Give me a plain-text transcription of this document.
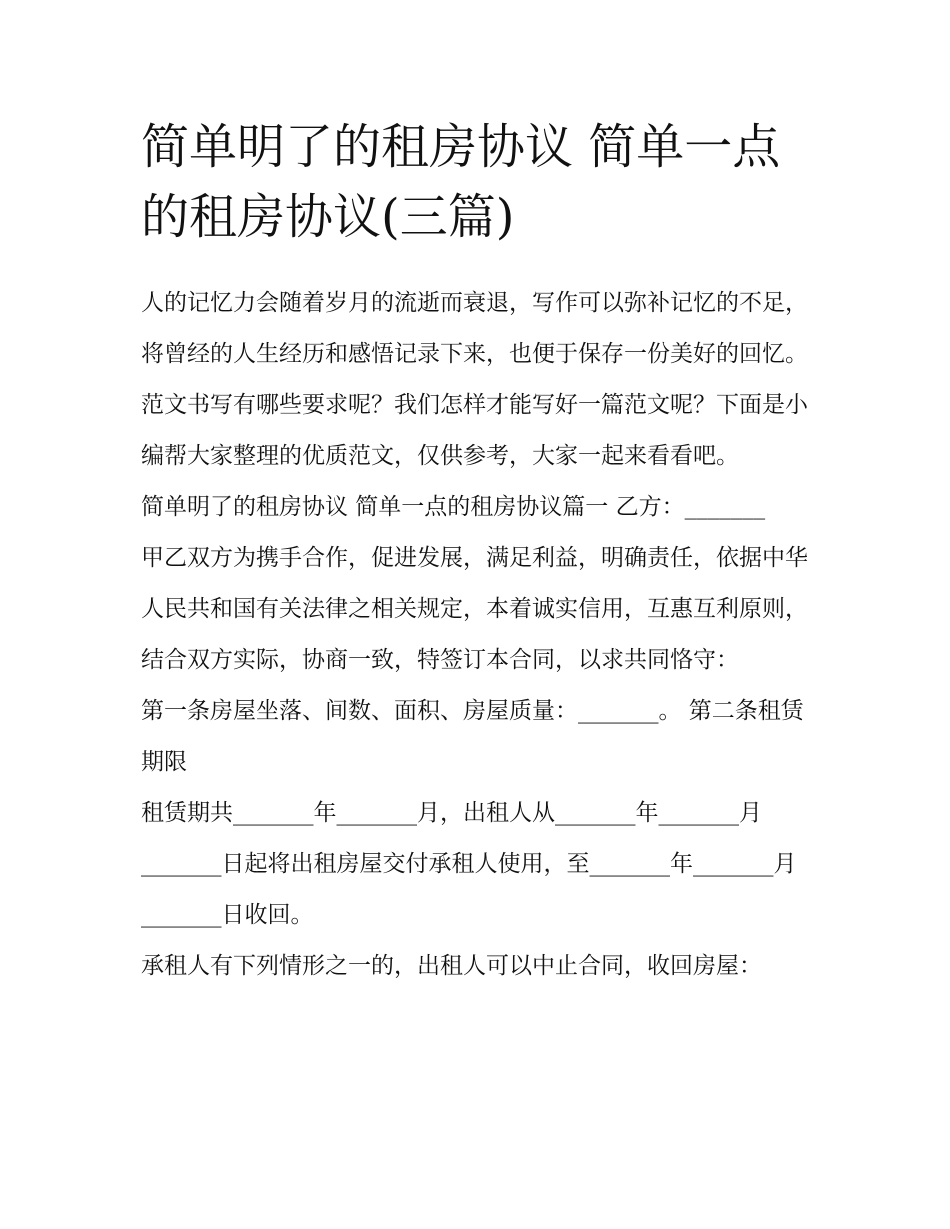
简单明了的租房协议 简单一点的租房协议(三篇)

人的记忆力会随着岁月的流逝而衰退，写作可以弥补记忆的不足，将曾经的人生经历和感悟记录下来，也便于保存一份美好的回忆。范文书写有哪些要求呢？我们怎样才能写好一篇范文呢？下面是小编帮大家整理的优质范文，仅供参考，大家一起来看看吧。

简单明了的租房协议 简单一点的租房协议篇一 乙方：_______

甲乙双方为携手合作，促进发展，满足利益，明确责任，依据中华人民共和国有关法律之相关规定，本着诚实信用，互惠互利原则，结合双方实际，协商一致，特签订本合同，以求共同恪守：

第一条房屋坐落、间数、面积、房屋质量：_______。 第二条租赁期限

租赁期共_______年_______月，出租人从_______年_______月_______日起将出租房屋交付承租人使用，至_______年_______月_______日收回。

承租人有下列情形之一的，出租人可以中止合同，收回房屋：
